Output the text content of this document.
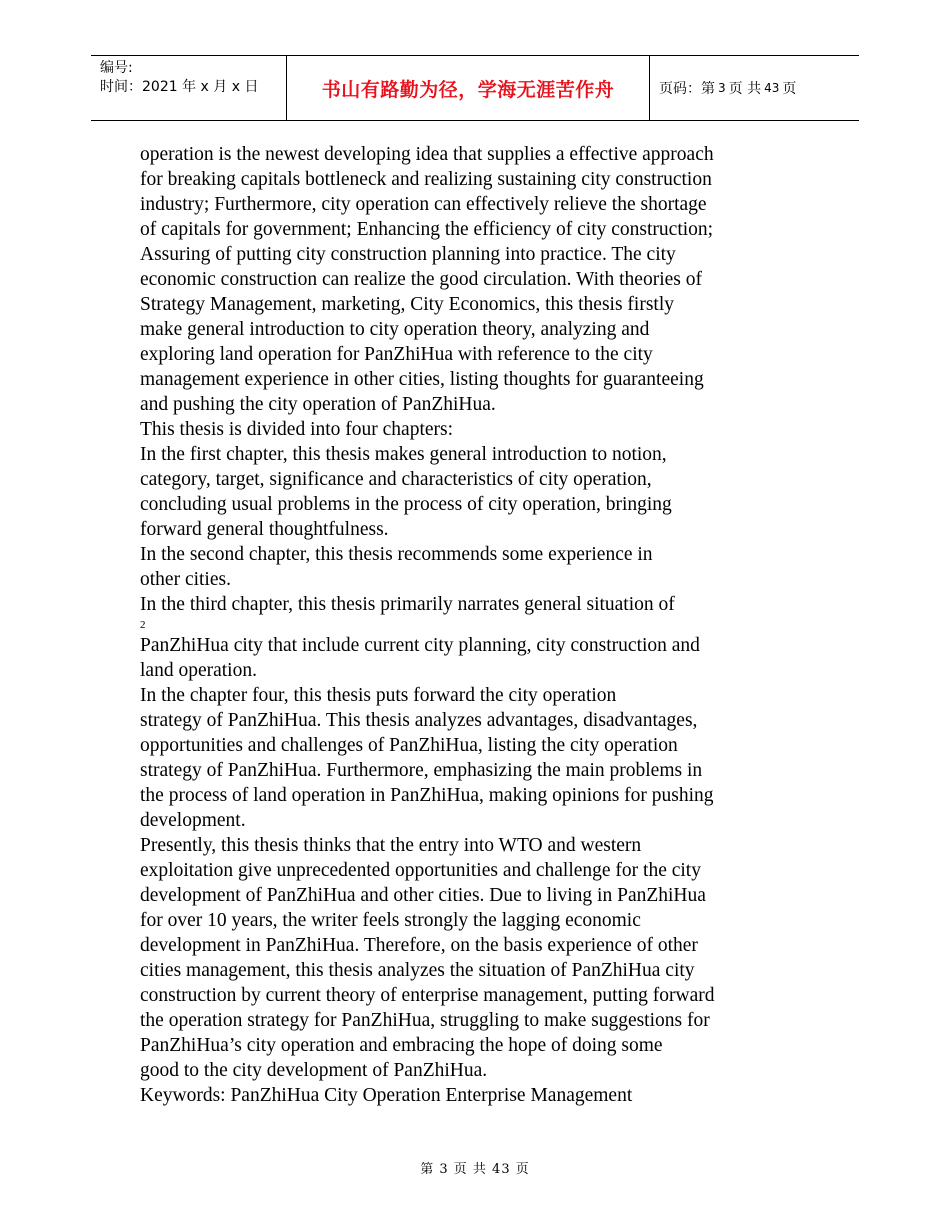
编号:
时间：2021 年 x 月 x 日	书山有路勤为径，学海无涯苦作舟	页码：第 3 页 共 43 页
operation is the newest developing idea that supplies a effective approach
for breaking capitals bottleneck and realizing sustaining city construction
industry; Furthermore, city operation can effectively relieve the shortage
of capitals for government; Enhancing the efficiency of city construction;
Assuring of putting city construction planning into practice. The city
economic construction can realize the good circulation. With theories of
Strategy Management, marketing, City Economics, this thesis firstly
make general introduction to city operation theory, analyzing and
exploring land operation for PanZhiHua with reference to the city
management experience in other cities, listing thoughts for guaranteeing
and pushing the city operation of PanZhiHua.
This thesis is divided into four chapters:
In the first chapter, this thesis makes general introduction to notion,
category, target, significance and characteristics of city operation,
concluding usual problems in the process of city operation, bringing
forward general thoughtfulness.
In the second chapter, this thesis recommends some experience in
other cities.
In the third chapter, this thesis primarily narrates general situation of
2
PanZhiHua city that include current city planning, city construction and
land operation.
In the chapter four, this thesis puts forward the city operation
strategy of PanZhiHua. This thesis analyzes advantages, disadvantages,
opportunities and challenges of PanZhiHua, listing the city operation
strategy of PanZhiHua. Furthermore, emphasizing the main problems in
the process of land operation in PanZhiHua, making opinions for pushing
development.
Presently, this thesis thinks that the entry into WTO and western
exploitation give unprecedented opportunities and challenge for the city
development of PanZhiHua and other cities. Due to living in PanZhiHua
for over 10 years, the writer feels strongly the lagging economic
development in PanZhiHua. Therefore, on the basis experience of other
cities management, this thesis analyzes the situation of PanZhiHua city
construction by current theory of enterprise management, putting forward
the operation strategy for PanZhiHua, struggling to make suggestions for
PanZhiHua’s city operation and embracing the hope of doing some
good to the city development of PanZhiHua.
Keywords: PanZhiHua City Operation Enterprise Management
第 3 页 共 43 页
